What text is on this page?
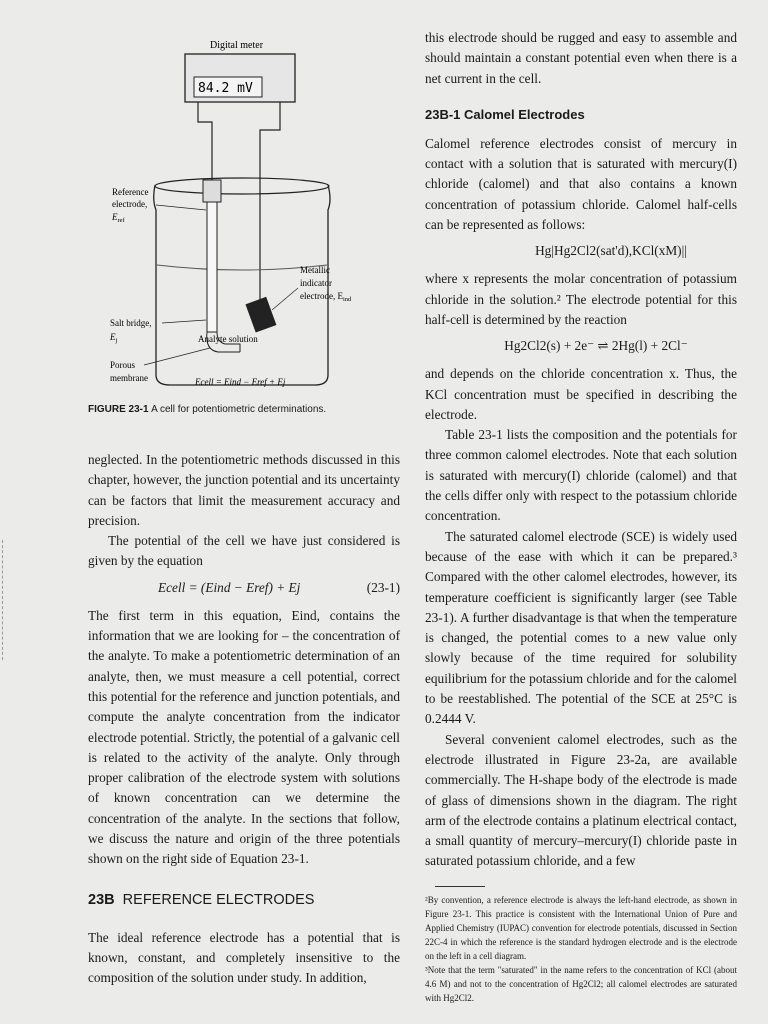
Digital meter
84.2 mV
Reference
electrode,
$E_{ref}$
Salt bridge,
$E_j$
Porous
membrane
Metallic
indicator
electrode, $E_{ind}$
Analyte solution
Ecell = Eind − Eref + Ej
FIGURE 23-1 A cell for potentiometric determinations.

neglected. In the potentiometric methods discussed in this chapter, however, the junction potential and its uncertainty can be factors that limit the measurement accuracy and precision.

The potential of the cell we have just considered is given by the equation

Ecell = (Eind − Eref) + Ej	(23-1)

The first term in this equation, Eind, contains the information that we are looking for – the concentration of the analyte. To make a potentiometric determination of an analyte, then, we must measure a cell potential, correct this potential for the reference and junction potentials, and compute the analyte concentration from the indicator electrode potential. Strictly, the potential of a galvanic cell is related to the activity of the analyte. Only through proper calibration of the electrode system with solutions of known concentration can we determine the concentration of the analyte. In the sections that follow, we discuss the nature and origin of the three potentials shown on the right side of Equation 23-1.

23B REFERENCE ELECTRODES

The ideal reference electrode has a potential that is known, constant, and completely insensitive to the composition of the solution under study. In addition,

this electrode should be rugged and easy to assemble and should maintain a constant potential even when there is a net current in the cell.

23B-1 Calomel Electrodes

Calomel reference electrodes consist of mercury in contact with a solution that is saturated with mercury(I) chloride (calomel) and that also contains a known concentration of potassium chloride. Calomel half-cells can be represented as follows:

Hg|Hg2Cl2(sat'd),KCl(xM)||

where x represents the molar concentration of potassium chloride in the solution.² The electrode potential for this half-cell is determined by the reaction

Hg2Cl2(s) + 2e⁻ ⇌ 2Hg(l) + 2Cl⁻

and depends on the chloride concentration x. Thus, the KCl concentration must be specified in describing the electrode.

Table 23-1 lists the composition and the potentials for three common calomel electrodes. Note that each solution is saturated with mercury(I) chloride (calomel) and that the cells differ only with respect to the potassium chloride concentration.

The saturated calomel electrode (SCE) is widely used because of the ease with which it can be prepared.³ Compared with the other calomel electrodes, however, its temperature coefficient is significantly larger (see Table 23-1). A further disadvantage is that when the temperature is changed, the potential comes to a new value only slowly because of the time required for solubility equilibrium for the potassium chloride and for the calomel to be reestablished. The potential of the SCE at 25°C is 0.2444 V.

Several convenient calomel electrodes, such as the electrode illustrated in Figure 23-2a, are available commercially. The H-shape body of the electrode is made of glass of dimensions shown in the diagram. The right arm of the electrode contains a platinum electrical contact, a small quantity of mercury–mercury(I) chloride paste in saturated potassium chloride, and a few

²By convention, a reference electrode is always the left-hand electrode, as shown in Figure 23-1. This practice is consistent with the International Union of Pure and Applied Chemistry (IUPAC) convention for electrode potentials, discussed in Section 22C-4 in which the reference is the standard hydrogen electrode and is the electrode on the left in a cell diagram.

³Note that the term "saturated" in the name refers to the concentration of KCl (about 4.6 M) and not to the concentration of Hg2Cl2; all calomel electrodes are saturated with Hg2Cl2.
